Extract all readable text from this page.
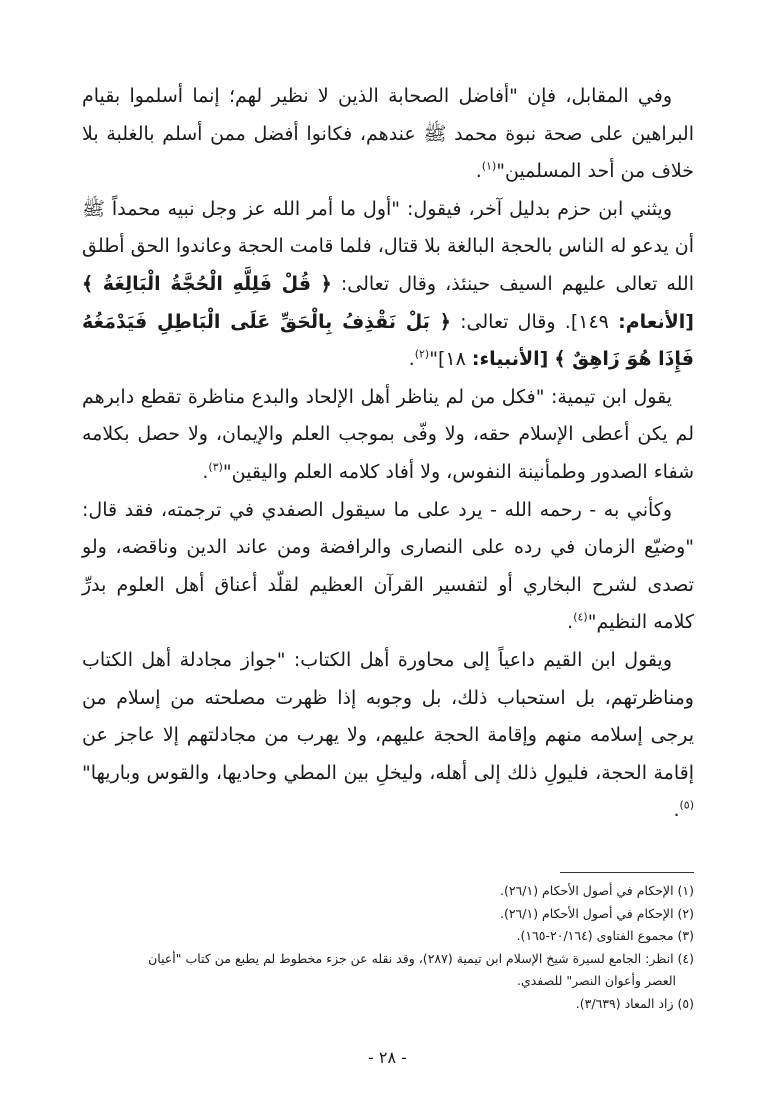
وفي المقابل، فإن "أفاضل الصحابة الذين لا نظير لهم؛ إنما أسلموا بقيام البراهين على صحة نبوة محمد ﷺ عندهم، فكانوا أفضل ممن أسلم بالغلبة بلا خلاف من أحد المسلمين"$^{(١)}$.

ويثني ابن حزم بدليل آخر، فيقول: "أول ما أمر الله عز وجل نبيه محمداً ﷺ أن يدعو له الناس بالحجة البالغة بلا قتال، فلما قامت الحجة وعاندوا الحق أطلق الله تعالى عليهم السيف حينئذ، وقال تعالى: ﴿ قُلْ فَلِلَّهِ الْحُجَّةُ الْبَالِغَةُ ﴾ [الأنعام: ١٤٩]. وقال تعالى: ﴿ بَلْ نَقْذِفُ بِالْحَقِّ عَلَى الْبَاطِلِ فَيَدْمَغُهُ فَإِذَا هُوَ زَاهِقٌ ﴾ [الأنبياء: ١٨]"$^{(٢)}$.

يقول ابن تيمية: "فكل من لم يناظر أهل الإلحاد والبدع مناظرة تقطع دابرهم لم يكن أعطى الإسلام حقه، ولا وفّى بموجب العلم والإيمان، ولا حصل بكلامه شفاء الصدور وطمأنينة النفوس، ولا أفاد كلامه العلم واليقين"$^{(٣)}$.

وكأني به - رحمه الله - يرد على ما سيقول الصفدي في ترجمته، فقد قال: "وضيّع الزمان في رده على النصارى والرافضة ومن عاند الدين وناقضه، ولو تصدى لشرح البخاري أو لتفسير القرآن العظيم لقلّد أعناق أهل العلوم بدرِّ كلامه النظيم"$^{(٤)}$.

ويقول ابن القيم داعياً إلى محاورة أهل الكتاب: "جواز مجادلة أهل الكتاب ومناظرتهم، بل استحباب ذلك، بل وجوبه إذا ظهرت مصلحته من إسلام من يرجى إسلامه منهم وإقامة الحجة عليهم، ولا يهرب من مجادلتهم إلا عاجز عن إقامة الحجة، فليولِ ذلك إلى أهله، وليخلِ بين المطي وحاديها، والقوس وباريها"$^{(٥)}$.

(١) الإحكام في أصول الأحكام (٢٦/١).
(٢) الإحكام في أصول الأحكام (٢٦/١).
(٣) مجموع الفتاوى (٢٠/١٦٤-١٦٥).
(٤) انظر: الجامع لسيرة شيخ الإسلام ابن تيمية (٢٨٧)، وقد نقله عن جزء مخطوط لم يطبع من كتاب "أعيان
العصر وأعوان النصر" للصفدي.
(٥) زاد المعاد (٣/٦٣٩).
- ٢٨ -
